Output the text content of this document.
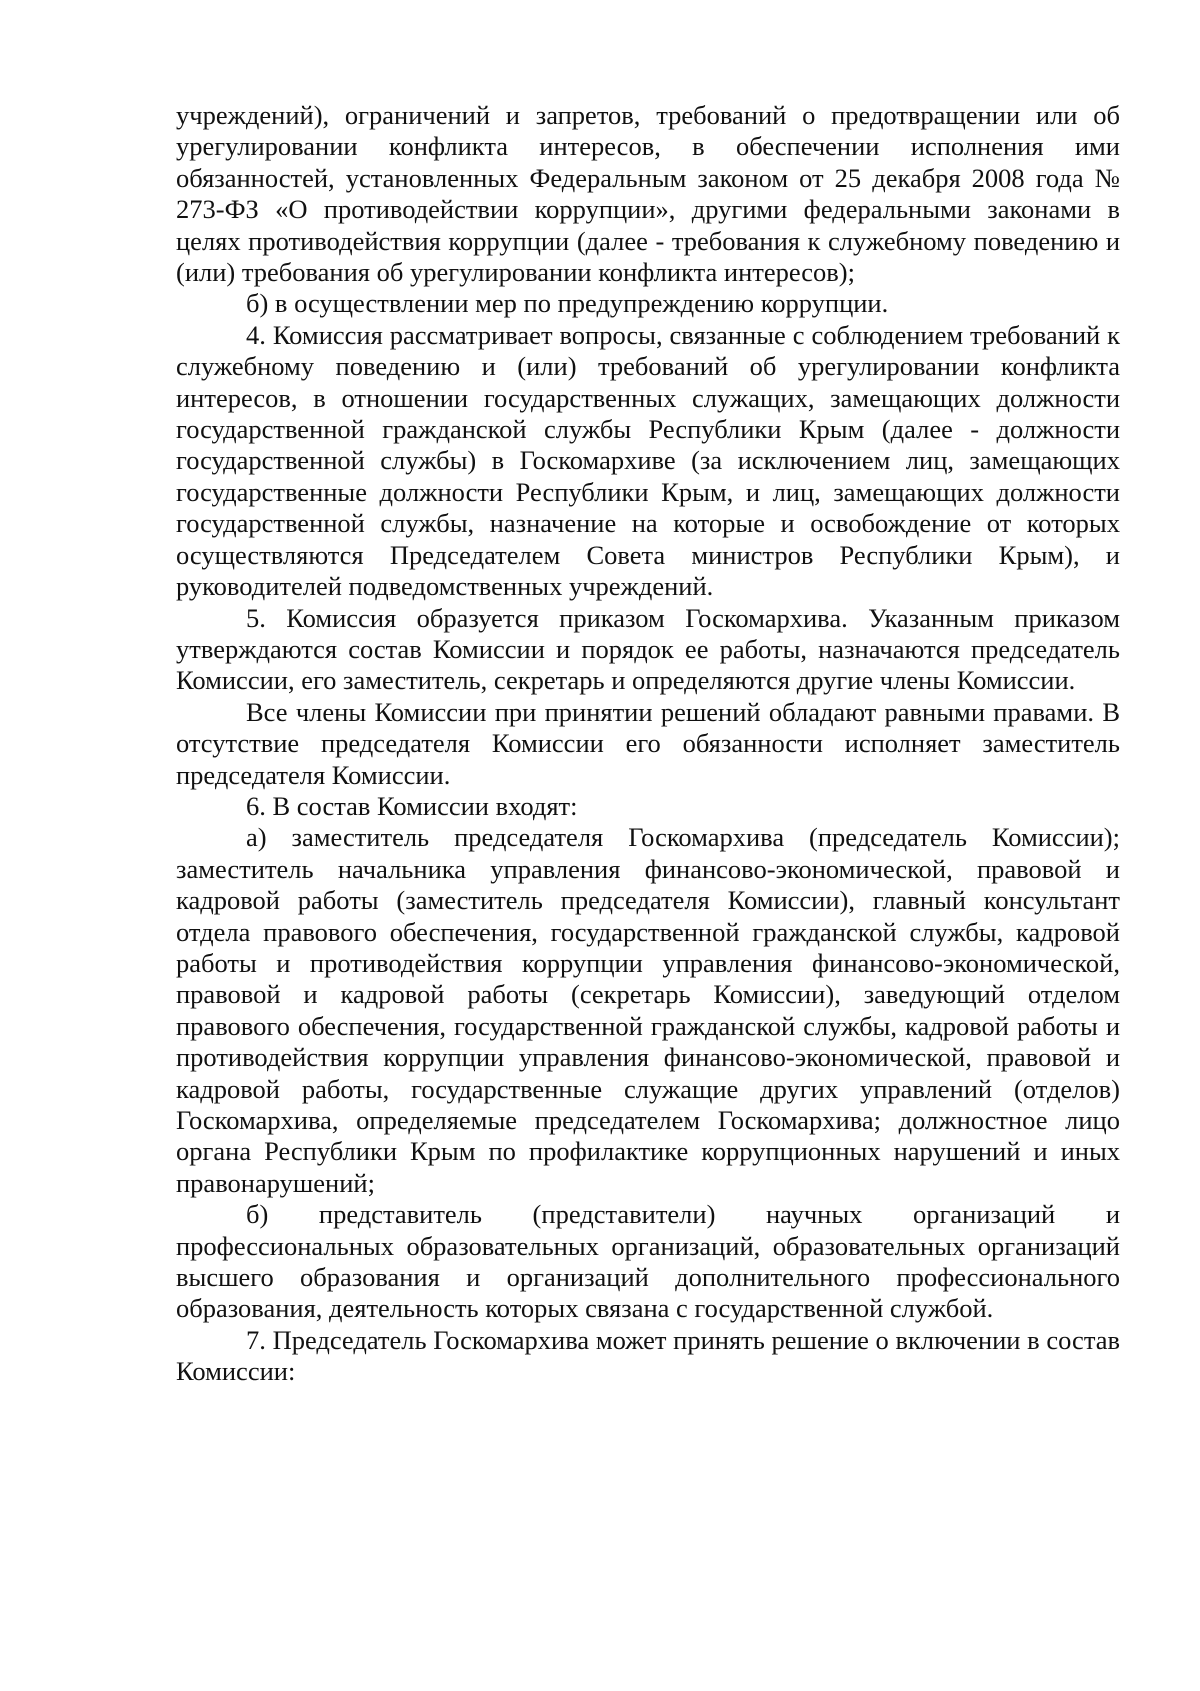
учреждений), ограничений и запретов, требований о предотвращении или об урегулировании конфликта интересов, в обеспечении исполнения ими обязанностей, установленных Федеральным законом от 25 декабря 2008 года № 273-ФЗ «О противодействии коррупции», другими федеральными законами в целях противодействия коррупции (далее - требования к служебному поведению и (или) требования об урегулировании конфликта интересов);

б) в осуществлении мер по предупреждению коррупции.

4. Комиссия рассматривает вопросы, связанные с соблюдением требований к служебному поведению и (или) требований об урегулировании конфликта интересов, в отношении государственных служащих, замещающих должности государственной гражданской службы Республики Крым (далее - должности государственной службы) в Госкомархиве (за исключением лиц, замещающих государственные должности Республики Крым, и лиц, замещающих должности государственной службы, назначение на которые и освобождение от которых осуществляются Председателем Совета министров Республики Крым), и руководителей подведомственных учреждений.

5. Комиссия образуется приказом Госкомархива. Указанным приказом утверждаются состав Комиссии и порядок ее работы, назначаются председатель Комиссии, его заместитель, секретарь и определяются другие члены Комиссии.

Все члены Комиссии при принятии решений обладают равными правами. В отсутствие председателя Комиссии его обязанности исполняет заместитель председателя Комиссии.

6. В состав Комиссии входят:

а) заместитель председателя Госкомархива (председатель Комиссии); заместитель начальника управления финансово-экономической, правовой и кадровой работы (заместитель председателя Комиссии), главный консультант отдела правового обеспечения, государственной гражданской службы, кадровой работы и противодействия коррупции управления финансово-экономической, правовой и кадровой работы (секретарь Комиссии), заведующий отделом правового обеспечения, государственной гражданской службы, кадровой работы и противодействия коррупции управления финансово-экономической, правовой и кадровой работы, государственные служащие других управлений (отделов) Госкомархива, определяемые председателем Госкомархива; должностное лицо органа Республики Крым по профилактике коррупционных нарушений и иных правонарушений;

б) представитель (представители) научных организаций и профессиональных образовательных организаций, образовательных организаций высшего образования и организаций дополнительного профессионального образования, деятельность которых связана с государственной службой.

7. Председатель Госкомархива может принять решение о включении в состав Комиссии:
